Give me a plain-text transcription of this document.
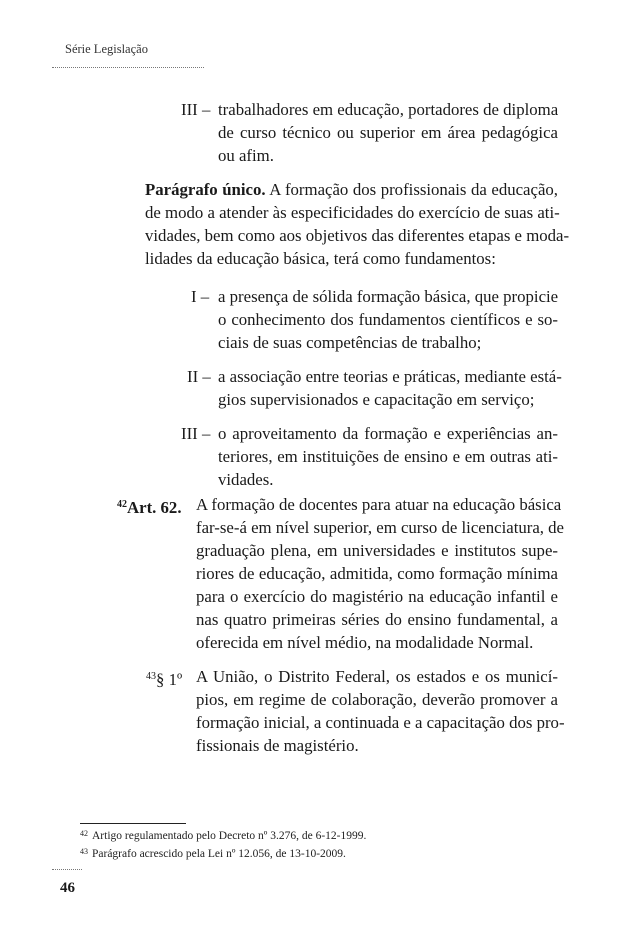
Série Legislação
III – trabalhadores em educação, portadores de diploma
de curso técnico ou superior em área pedagógica
ou afim.
Parágrafo único. A formação dos profissionais da educação,
de modo a atender às especificidades do exercício de suas ati-
vidades, bem como aos objetivos das diferentes etapas e moda-
lidades da educação básica, terá como fundamentos:
I – a presença de sólida formação básica, que propicie
o conhecimento dos fundamentos científicos e so-
ciais de suas competências de trabalho;
II – a associação entre teorias e práticas, mediante está-
gios supervisionados e capacitação em serviço;
III – o aproveitamento da formação e experiências an-
teriores, em instituições de ensino e em outras ati-
vidades.
$^{42}$Art. 62. A formação de docentes para atuar na educação básica
far-se-á em nível superior, em curso de licenciatura, de
graduação plena, em universidades e institutos supe-
riores de educação, admitida, como formação mínima
para o exercício do magistério na educação infantil e
nas quatro primeiras séries do ensino fundamental, a
oferecida em nível médio, na modalidade Normal.
$^{43}$§ 1º A União, o Distrito Federal, os estados e os municí-
pios, em regime de colaboração, deverão promover a
formação inicial, a continuada e a capacitação dos pro-
fissionais de magistério.
$^{42}$ Artigo regulamentado pelo Decreto nº 3.276, de 6-12-1999.
$^{43}$ Parágrafo acrescido pela Lei nº 12.056, de 13-10-2009.
46
